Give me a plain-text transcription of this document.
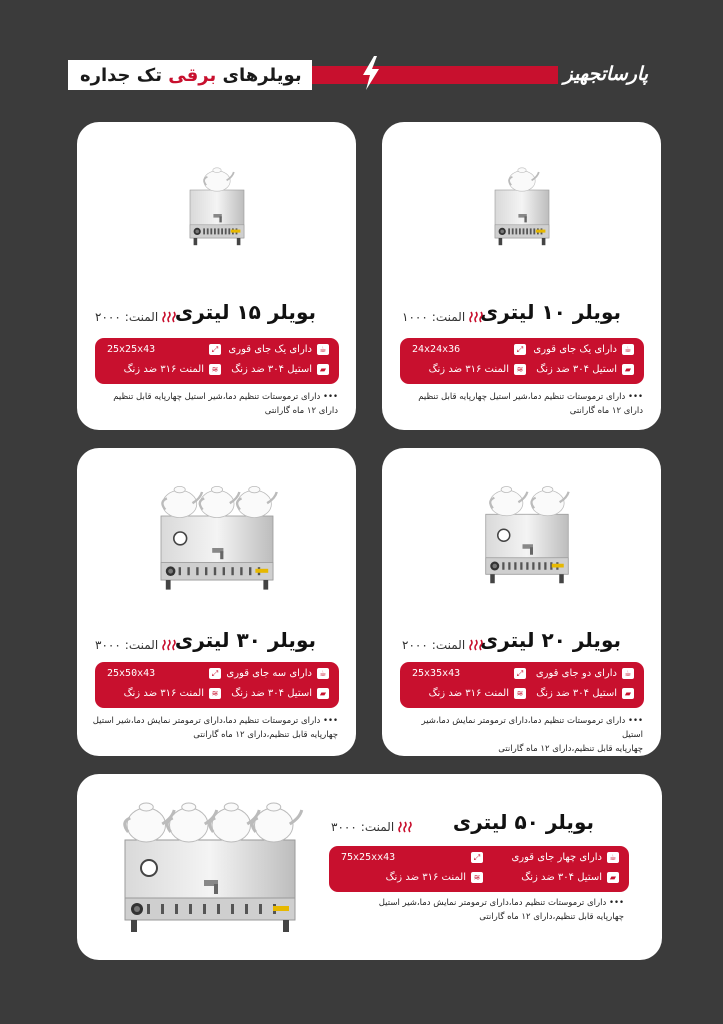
بویلرهای برقی تک جداره	پارساتجهیز
بویلر ۱۰ لیتری
المنت:
۱۰۰۰
☕
دارای یک جای قوری
▰
استیل ۳۰۴ ضد زنگ
⤢
24x24x36
≋
المنت ۳۱۶ ضد زنگ
••• دارای ترموستات تنظیم دما،شیر استیل چهارپایه قابل تنظیم
دارای ۱۲ ماه گارانتی
بویلر ۱۵ لیتری
المنت:
۲۰۰۰
☕
دارای یک جای قوری
▰
استیل ۳۰۴ ضد زنگ
⤢
25x25x43
≋
المنت ۳۱۶ ضد زنگ
••• دارای ترموستات تنظیم دما،شیر استیل چهارپایه قابل تنظیم
دارای ۱۲ ماه گارانتی
بویلر ۲۰ لیتری
المنت:
۲۰۰۰
☕
دارای دو جای قوری
▰
استیل ۳۰۴ ضد زنگ
⤢
25x35x43
≋
المنت ۳۱۶ ضد زنگ
••• دارای ترموستات تنظیم دما،دارای ترمومتر نمایش دما،شیر استیل
چهارپایه قابل تنظیم،دارای ۱۲ ماه گارانتی
بویلر ۳۰ لیتری
المنت:
۳۰۰۰
☕
دارای سه جای قوری
▰
استیل ۳۰۴ ضد زنگ
⤢
25x50x43
≋
المنت ۳۱۶ ضد زنگ
••• دارای ترموستات تنظیم دما،دارای ترمومتر نمایش دما،شیر استیل
چهارپایه قابل تنظیم،دارای ۱۲ ماه گارانتی
بویلر ۵۰ لیتری
المنت:
۳۰۰۰
☕
دارای چهار جای قوری
▰
استیل ۳۰۴ ضد زنگ
⤢
75x25xx43
≋
المنت ۳۱۶ ضد زنگ
••• دارای ترموستات تنظیم دما،دارای ترمومتر نمایش دما،شیر استیل
چهارپایه قابل تنظیم،دارای ۱۲ ماه گارانتی
